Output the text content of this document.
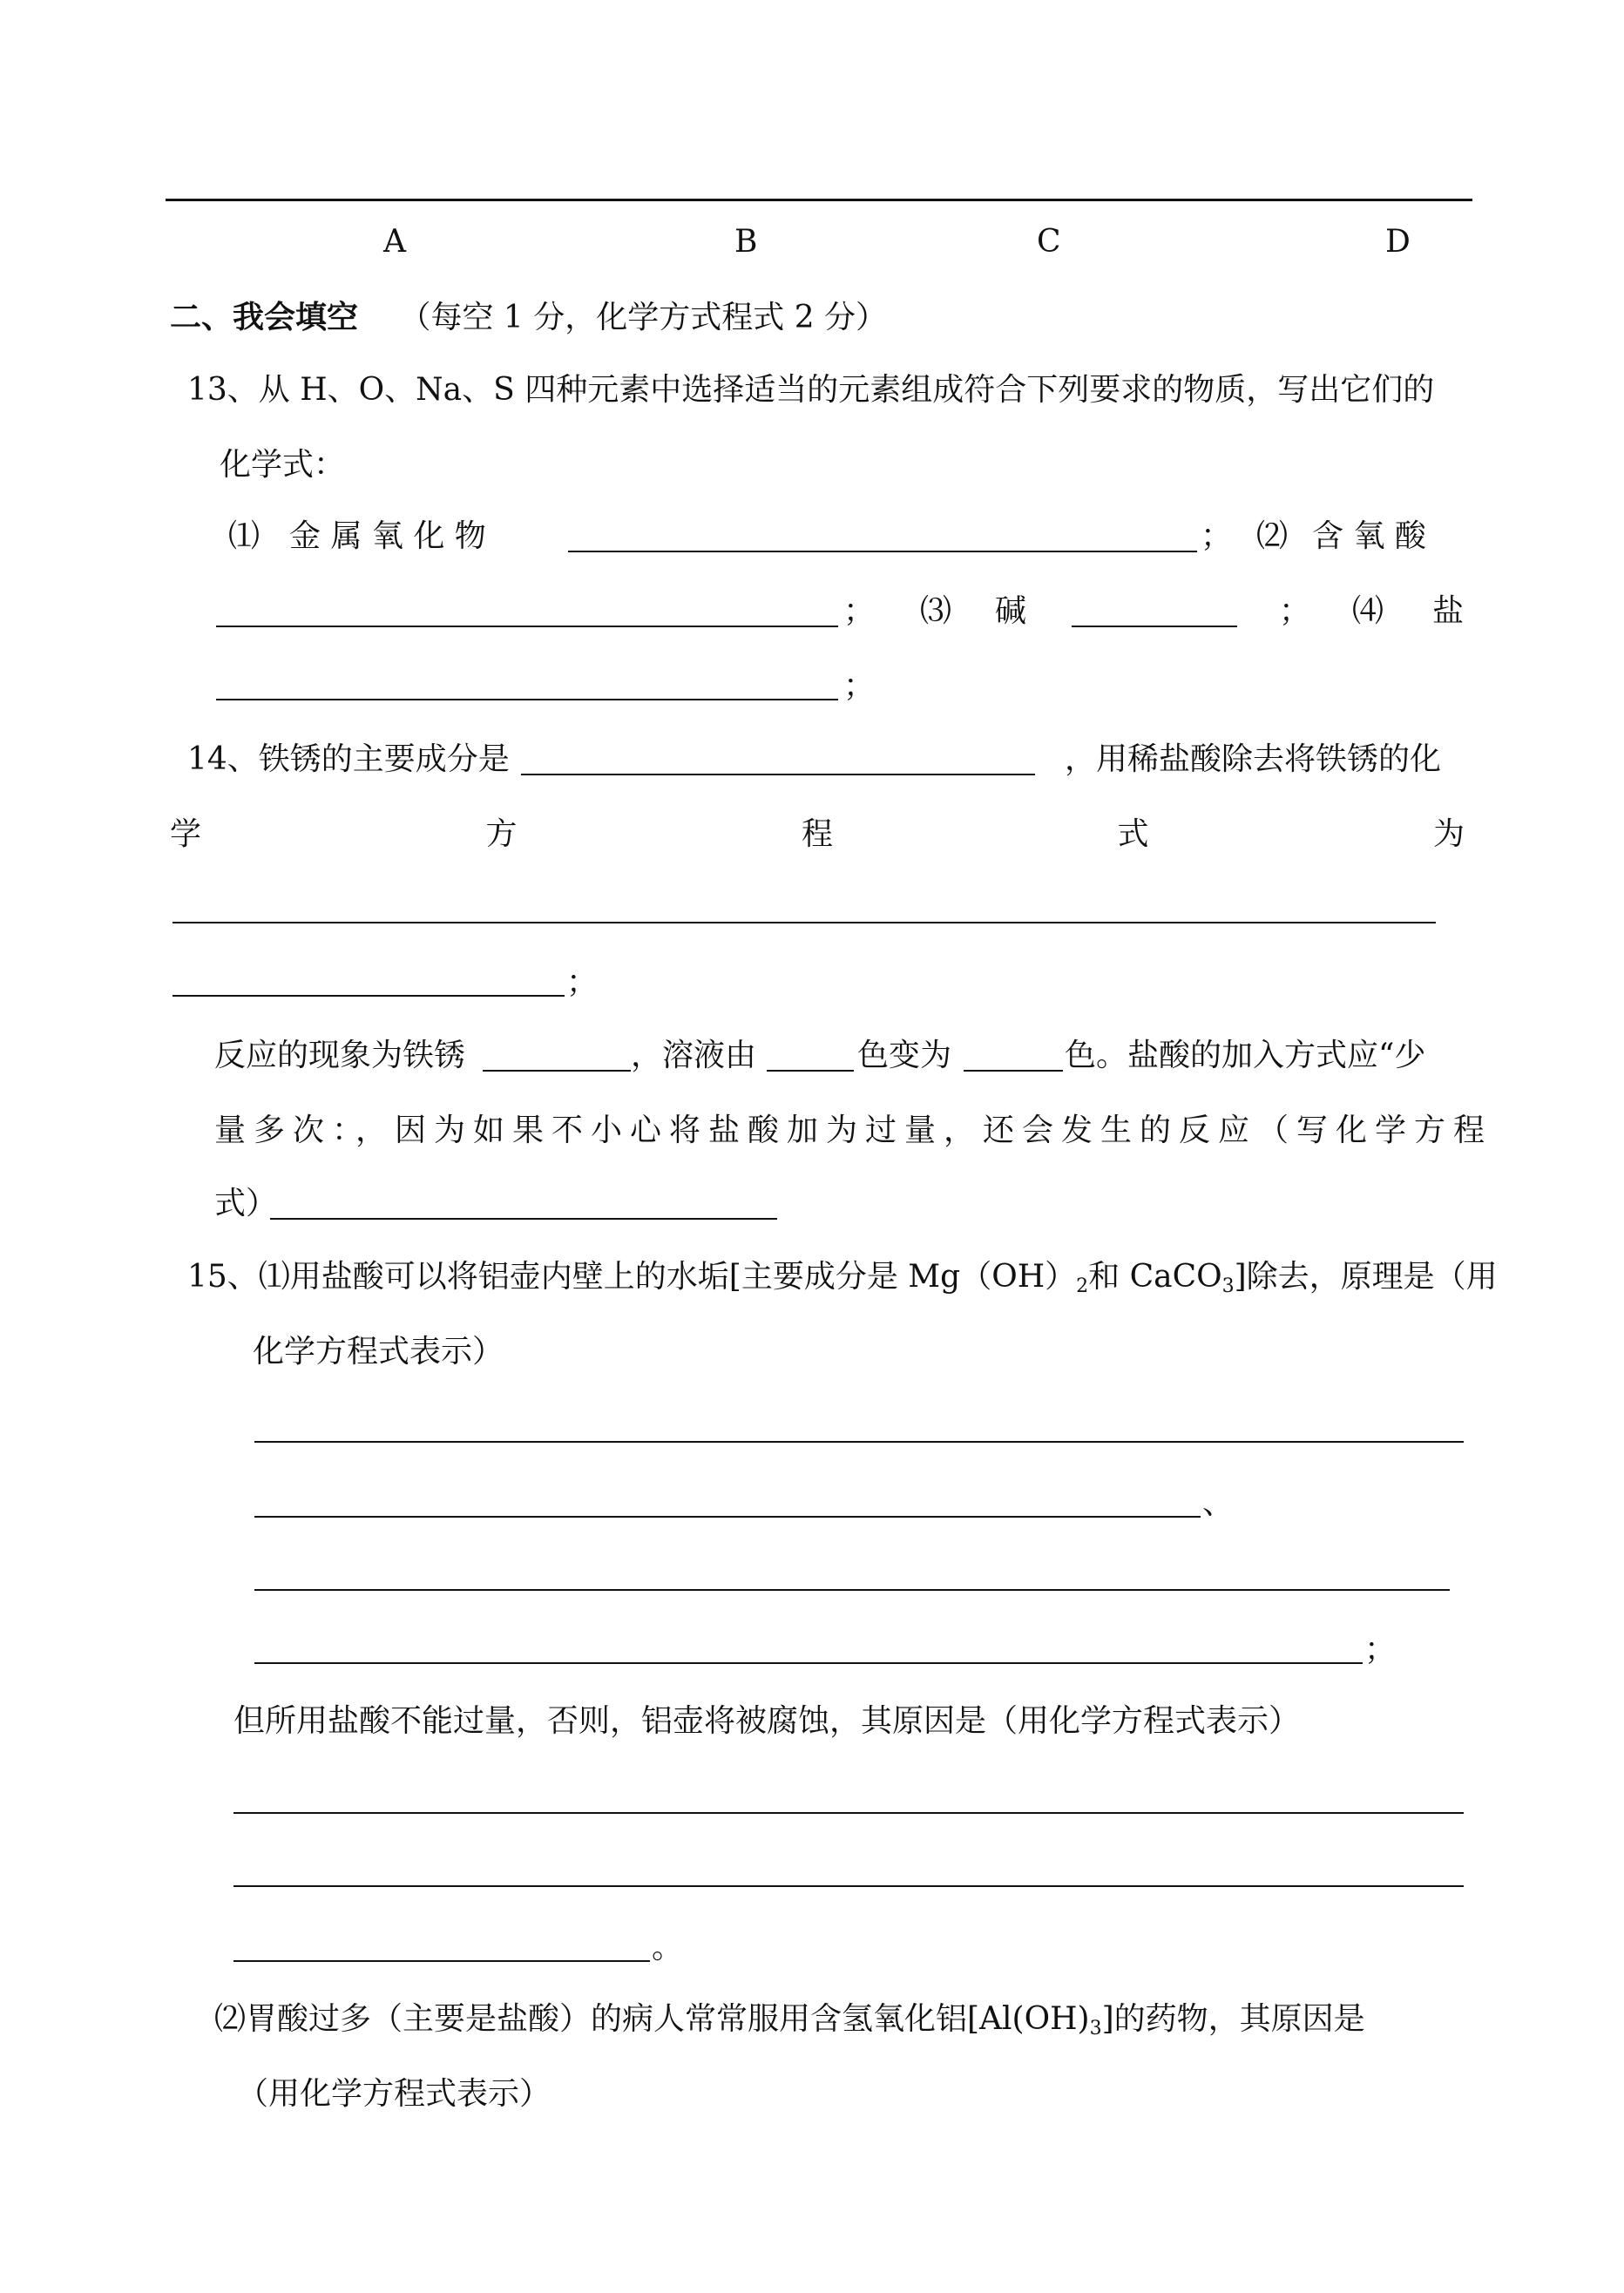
A	B	C	D
二、我会填空 （每空 1 分，化学方式程式 2 分）
13、从 H、O、Na、S 四种元素中选择适当的元素组成符合下列要求的物质，写出它们的
化学式：
⑴ 金 属 氧 化 物	； ⑵ 含 氧 酸
； ⑶ 碱	； ⑷ 盐
；
14、铁锈的主要成分是	，用稀盐酸除去将铁锈的化
学	方	程	式	为
；
反应的现象为铁锈	，溶液由	色变为	色。盐酸的加入方式应“少
量多次：，因为如果不小心将盐酸加为过量，还会发生的反应（写化学方程
式）
15、⑴用盐酸可以将铝壶内壁上的水垢[主要成分是 $Mg(OH)_2$和 CaCO$_3$]除去，原理是（用
化学方程式表示）
、
；
但所用盐酸不能过量，否则，铝壶将被腐蚀，其原因是（用化学方程式表示）
。
⑵胃酸过多（主要是盐酸）的病人常常服用含氢氧化铝$[Al(OH)_3]$的药物，其原因是
（用化学方程式表示）
